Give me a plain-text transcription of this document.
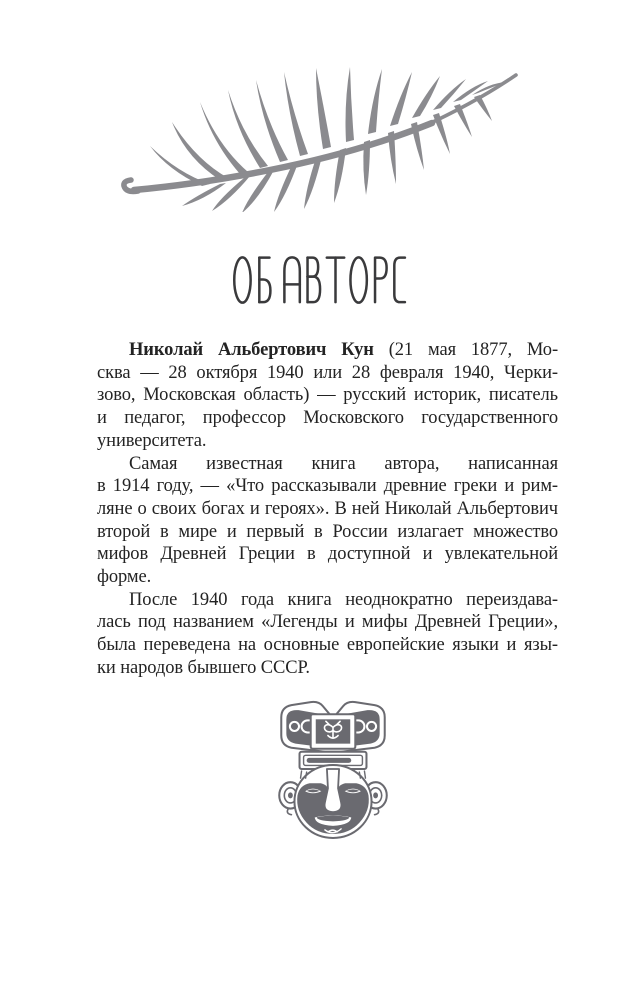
Николай Альбертович Кун (21 мая 1877, Мо-
сква — 28 октября 1940 или 28 февраля 1940, Черки-
зово, Московская область) — русский историк, писатель
и педагог, профессор Московского государственного
университета.
Самая известная книга автора, написанная
в 1914 году, — «Что рассказывали древние греки и рим-
ляне о своих богах и героях». В ней Николай Альбертович
второй в мире и первый в России излагает множество
мифов Древней Греции в доступной и увлекательной
форме.
После 1940 года книга неоднократно переиздава-
лась под названием «Легенды и мифы Древней Греции»,
была переведена на основные европейские языки и язы-
ки народов бывшего СССР.
